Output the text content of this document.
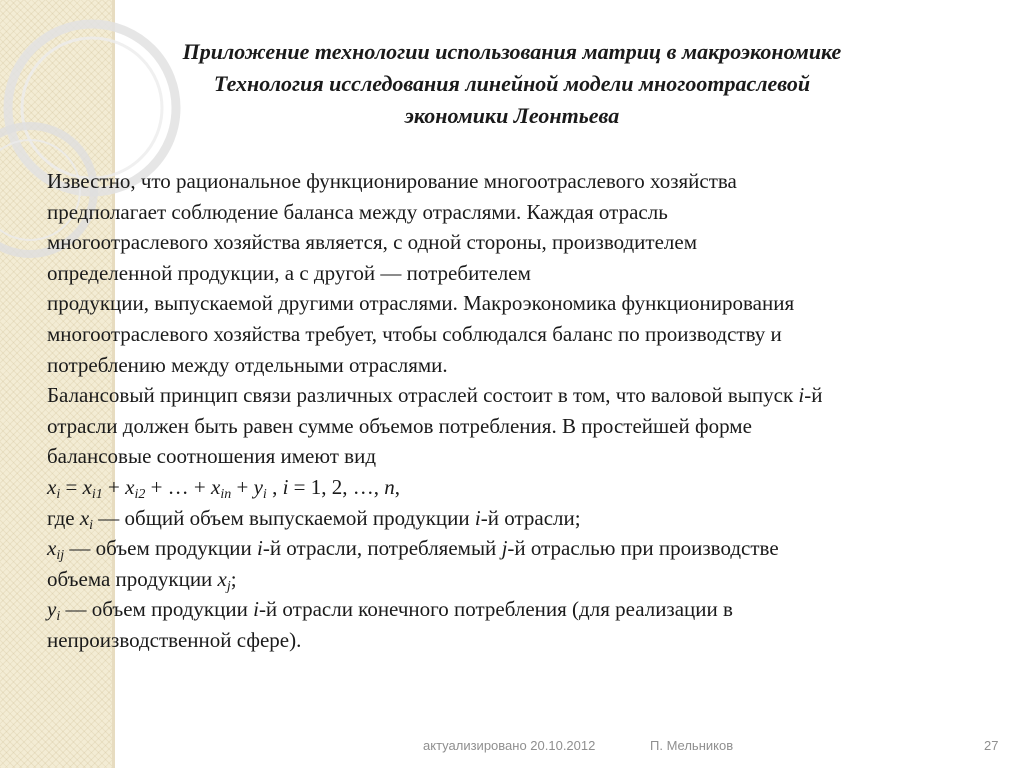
Приложение технологии использования матриц в макроэкономике
Технология исследования линейной модели многоотраслевой
экономики Леонтьева
Известно, что рациональное функционирование многоотраслевого хозяйства
предполагает соблюдение баланса между отраслями. Каждая отрасль
многоотраслевого хозяйства является, с одной стороны, производителем
определенной продукции, а с другой — потребителем
продукции, выпускаемой другими отраслями. Макроэкономика функционирования
многоотраслевого хозяйства требует, чтобы соблюдался баланс по производству и
потреблению между отдельными отраслями.
Балансовый принцип связи различных отраслей состоит в том, что валовой выпуск i-й
отрасли должен быть равен сумме объемов потребления. В простейшей форме
балансовые соотношения имеют вид
$x_i = x_{i1} + x_{i2}$ + … + $x_{in} + y_i$ , i = 1, 2, …, n,
где $x_i$ — общий объем выпускаемой продукции i-й отрасли;
$x_{ij}$ — объем продукции i-й отрасли, потребляемый j-й отраслью при производстве
объема продукции $x_j$;
$y_i$ — объем продукции i-й отрасли конечного потребления (для реализации в
непроизводственной сфере).
актуализировано 20.10.2012	П. Мельников	27
